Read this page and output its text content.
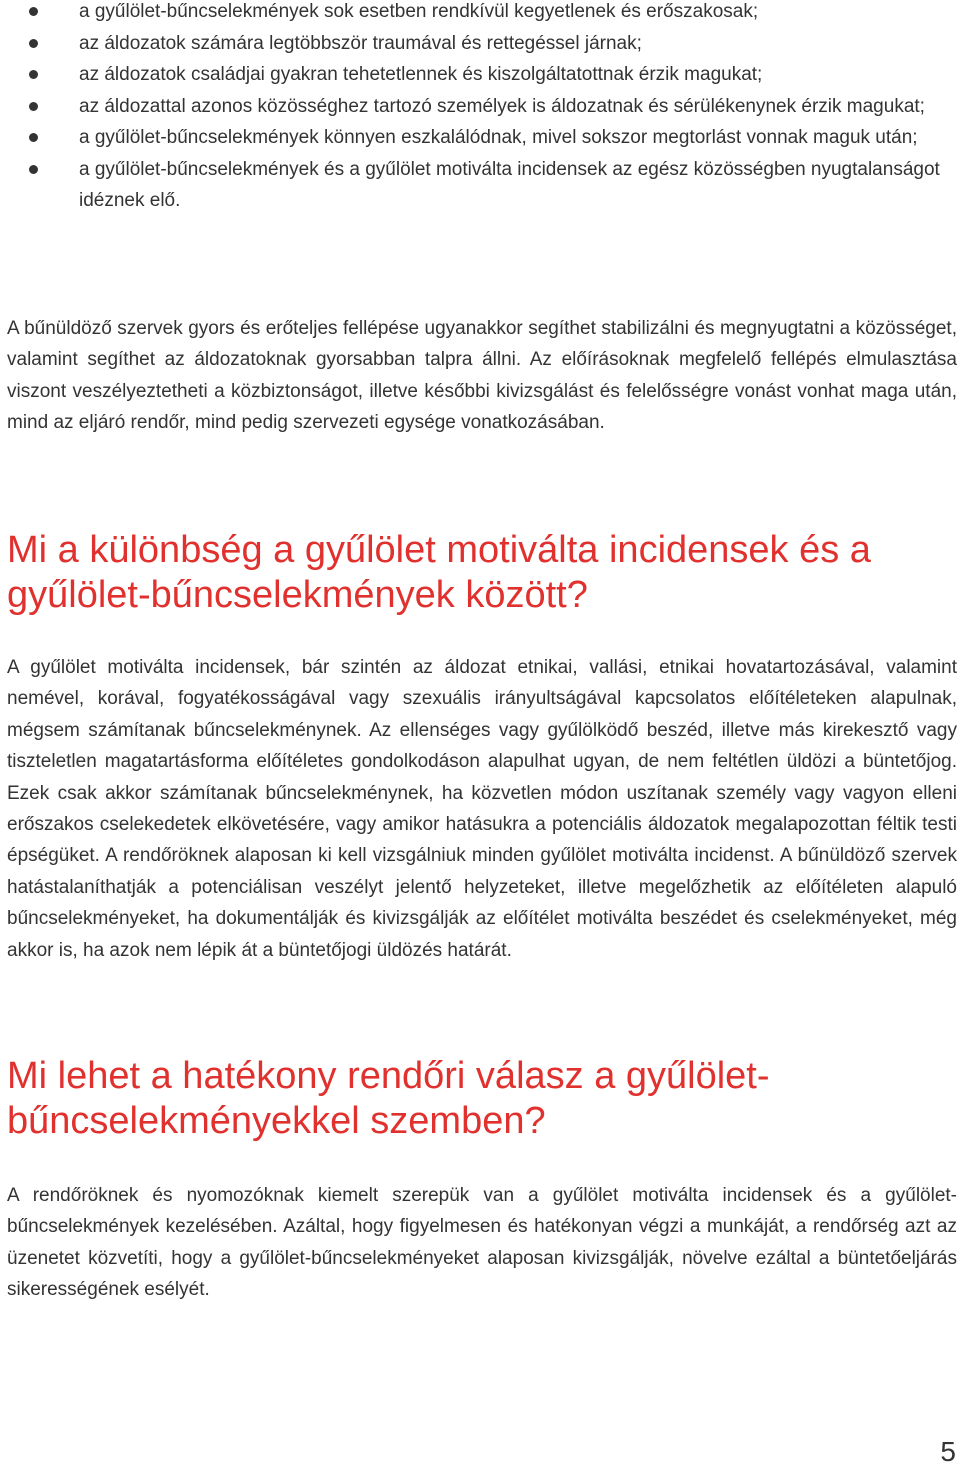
a gyűlölet-bűncselekmények sok esetben rendkívül kegyetlenek és erőszakosak;
az áldozatok számára legtöbbször traumával és rettegéssel járnak;
az áldozatok családjai gyakran tehetetlennek és kiszolgáltatottnak érzik magukat;
az áldozattal azonos közösséghez tartozó személyek is áldozatnak és sérülékenynek érzik magukat;
a gyűlölet-bűncselekmények könnyen eszkalálódnak, mivel sokszor megtorlást vonnak maguk után;
a gyűlölet-bűncselekmények és a gyűlölet motiválta incidensek az egész közösségben nyugtalanságot idéznek elő.

A bűnüldöző szervek gyors és erőteljes fellépése ugyanakkor segíthet stabilizálni és megnyugtatni a közösséget, valamint segíthet az áldozatoknak gyorsabban talpra állni. Az előírásoknak megfelelő fellépés elmulasztása viszont veszélyeztetheti a közbiztonságot, illetve későbbi kivizsgálást és felelősségre vonást vonhat maga után, mind az eljáró rendőr, mind pedig szervezeti egysége vonatkozásában.

Mi a különbség a gyűlölet motiválta incidensek és a gyűlölet-bűncselekmények között?

A gyűlölet motiválta incidensek, bár szintén az áldozat etnikai, vallási, etnikai hovatartozásával, valamint nemével, korával, fogyatékosságával vagy szexuális irányultságával kapcsolatos előítéleteken alapulnak, mégsem számítanak bűncselekménynek. Az ellenséges vagy gyűlölködő beszéd, illetve más kirekesztő vagy tiszteletlen magatartásforma előítéletes gondolkodáson alapulhat ugyan, de nem feltétlen üldözi a büntetőjog. Ezek csak akkor számítanak bűncselekménynek, ha közvetlen módon uszítanak személy vagy vagyon elleni erőszakos cselekedetek elkövetésére, vagy amikor hatásukra a potenciális áldozatok megalapozottan féltik testi épségüket. A rendőröknek alaposan ki kell vizsgálniuk minden gyűlölet motiválta incidenst. A bűnüldöző szervek hatástalaníthatják a potenciálisan veszélyt jelentő helyzeteket, illetve megelőzhetik az előítéleten alapuló bűncselekményeket, ha dokumentálják és kivizsgálják az előítélet motiválta beszédet és cselekményeket, még akkor is, ha azok nem lépik át a büntetőjogi üldözés határát.

Mi lehet a hatékony rendőri válasz a gyűlölet-bűncselekményekkel szemben?

A rendőröknek és nyomozóknak kiemelt szerepük van a gyűlölet motiválta incidensek és a gyűlölet-bűncselekmények kezelésében. Azáltal, hogy figyelmesen és hatékonyan végzi a munkáját, a rendőrség azt az üzenetet közvetíti, hogy a gyűlölet-bűncselekményeket alaposan kivizsgálják, növelve ezáltal a büntetőeljárás sikerességének esélyét.

5
